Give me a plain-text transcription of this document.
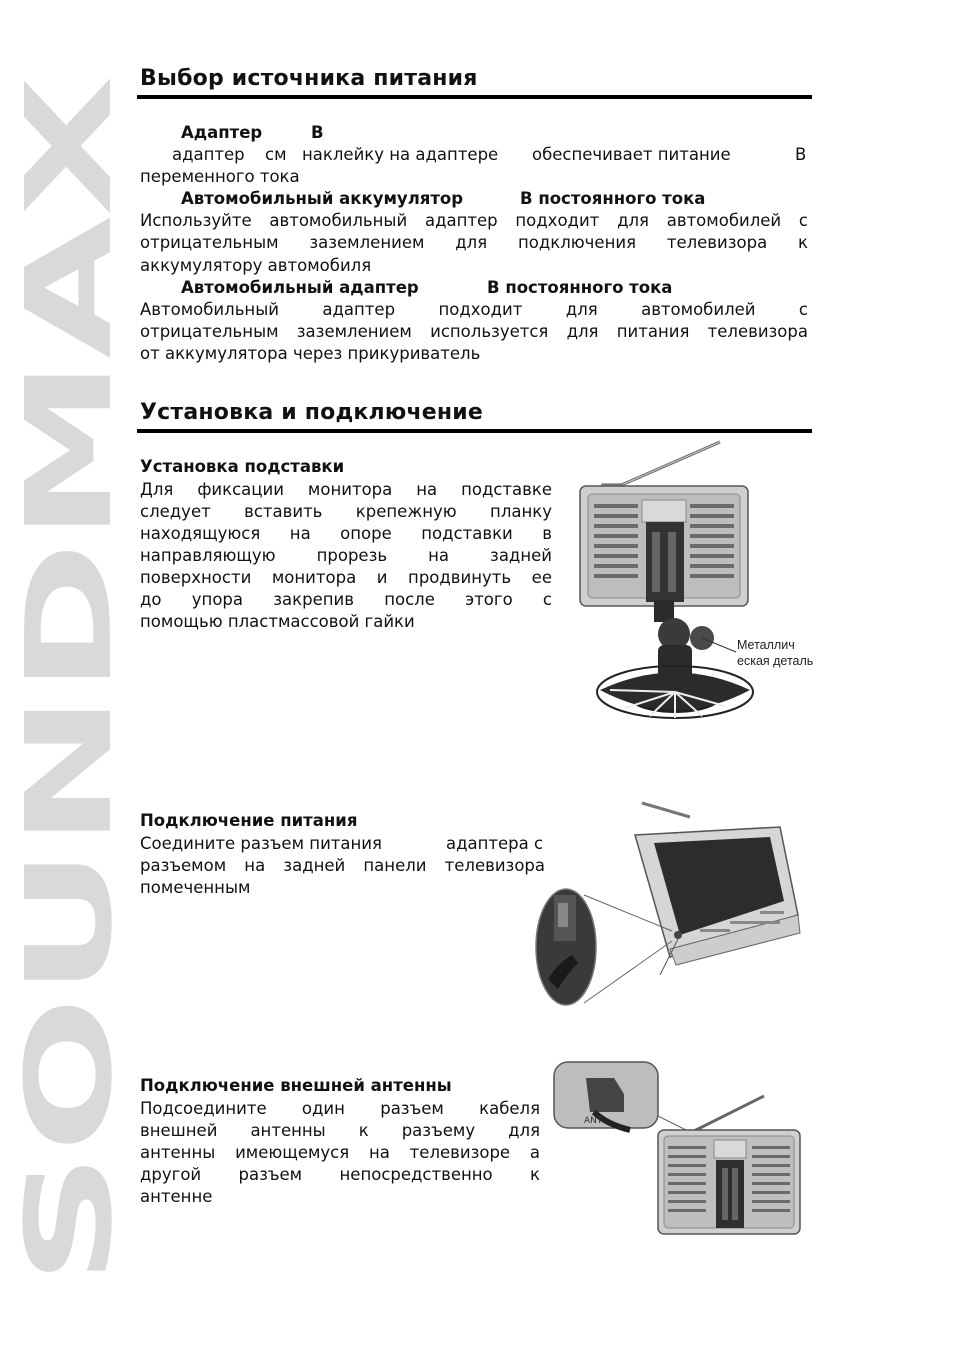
SOUNDMAX
Выбор источника питания
Адаптер	В
адаптер см наклейку на адаптере обеспечивает питание	В
переменного тока
Автомобильный аккумулятор	В постоянного тока
Используйте автомобильный адаптер подходит для автомобилей с
отрицательным заземлением для подключения телевизора к
аккумулятору автомобиля
Автомобильный адаптер	В постоянного тока
Автомобильный адаптер подходит для автомобилей с
отрицательным заземлением используется для питания телевизора
от аккумулятора через прикуриватель
Установка и подключение
Установка подставки
Для фиксации монитора на подставке
следует вставить крепежную планку
находящуюся на опоре подставки в
направляющую прорезь на задней
поверхности монитора и продвинуть ее
до упора закрепив после этого с
помощью пластмассовой гайки
Металлич
еская деталь
Подключение питания
Соедините разъем питания	адаптера с
разъемом на задней панели телевизора
помеченным
Подключение внешней антенны
Подсоедините один разъем кабеля
внешней антенны к разъему для
антенны имеющемуся на телевизоре а
другой разъем непосредственно к
антенне
ANT
